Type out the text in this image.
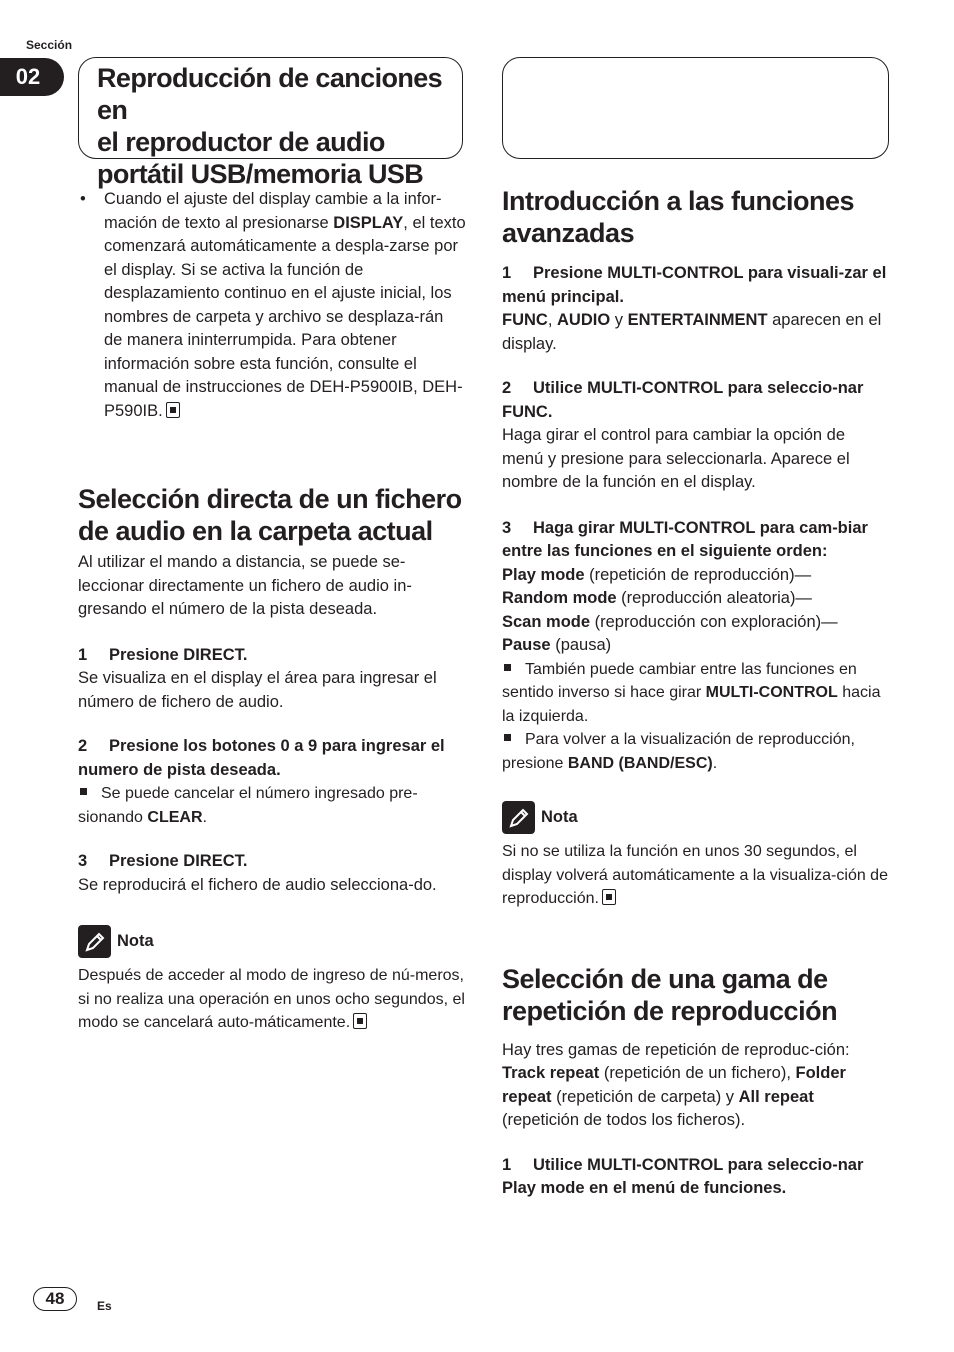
Sección
02	Reproducción de canciones en

el reproductor de audio

portátil USB/memoria USB

• Cuando el ajuste del display cambie a la infor-mación de texto al presionarse DISPLAY, el texto comenzará automáticamente a despla-zarse por el display. Si se activa la función de desplazamiento continuo en el ajuste inicial, los nombres de carpeta y archivo se desplaza-rán de manera ininterrumpida. Para obtener información sobre esta función, consulte el manual de instrucciones de DEH-P5900IB, DEH-P590IB.

Selección directa de un fichero de audio en la carpeta actual

Al utilizar el mando a distancia, se puede se-leccionar directamente un fichero de audio in-gresando el número de la pista deseada.

1 Presione DIRECT.

Se visualiza en el display el área para ingresar el número de fichero de audio.

2 Presione los botones 0 a 9 para ingresar el numero de pista deseada.

Se puede cancelar el número ingresado pre-sionando CLEAR.

3 Presione DIRECT.

Se reproducirá el fichero de audio selecciona-do.

Nota

Después de acceder al modo de ingreso de nú-meros, si no realiza una operación en unos ocho segundos, el modo se cancelará auto-máticamente.

Introducción a las funciones avanzadas

1 Presione MULTI-CONTROL para visuali-zar el menú principal.

FUNC, AUDIO y ENTERTAINMENT aparecen en el display.

2 Utilice MULTI-CONTROL para seleccio-nar FUNC.

Haga girar el control para cambiar la opción de menú y presione para seleccionarla. Aparece el nombre de la función en el display.

3 Haga girar MULTI-CONTROL para cam-biar entre las funciones en el siguiente orden:

Play mode (repetición de reproducción)—
Random mode (reproducción aleatoria)—
Scan mode (reproducción con exploración)—
Pause (pausa)

También puede cambiar entre las funciones en sentido inverso si hace girar MULTI-CONTROL hacia la izquierda.

Para volver a la visualización de reproducción, presione BAND (BAND/ESC).

Nota

Si no se utiliza la función en unos 30 segundos, el display volverá automáticamente a la visualiza-ción de reproducción.

Selección de una gama de repetición de reproducción

Hay tres gamas de repetición de reproduc-ción: Track repeat (repetición de un fichero), Folder repeat (repetición de carpeta) y All repeat (repetición de todos los ficheros).

1 Utilice MULTI-CONTROL para seleccio-nar Play mode en el menú de funciones.

48	Es
